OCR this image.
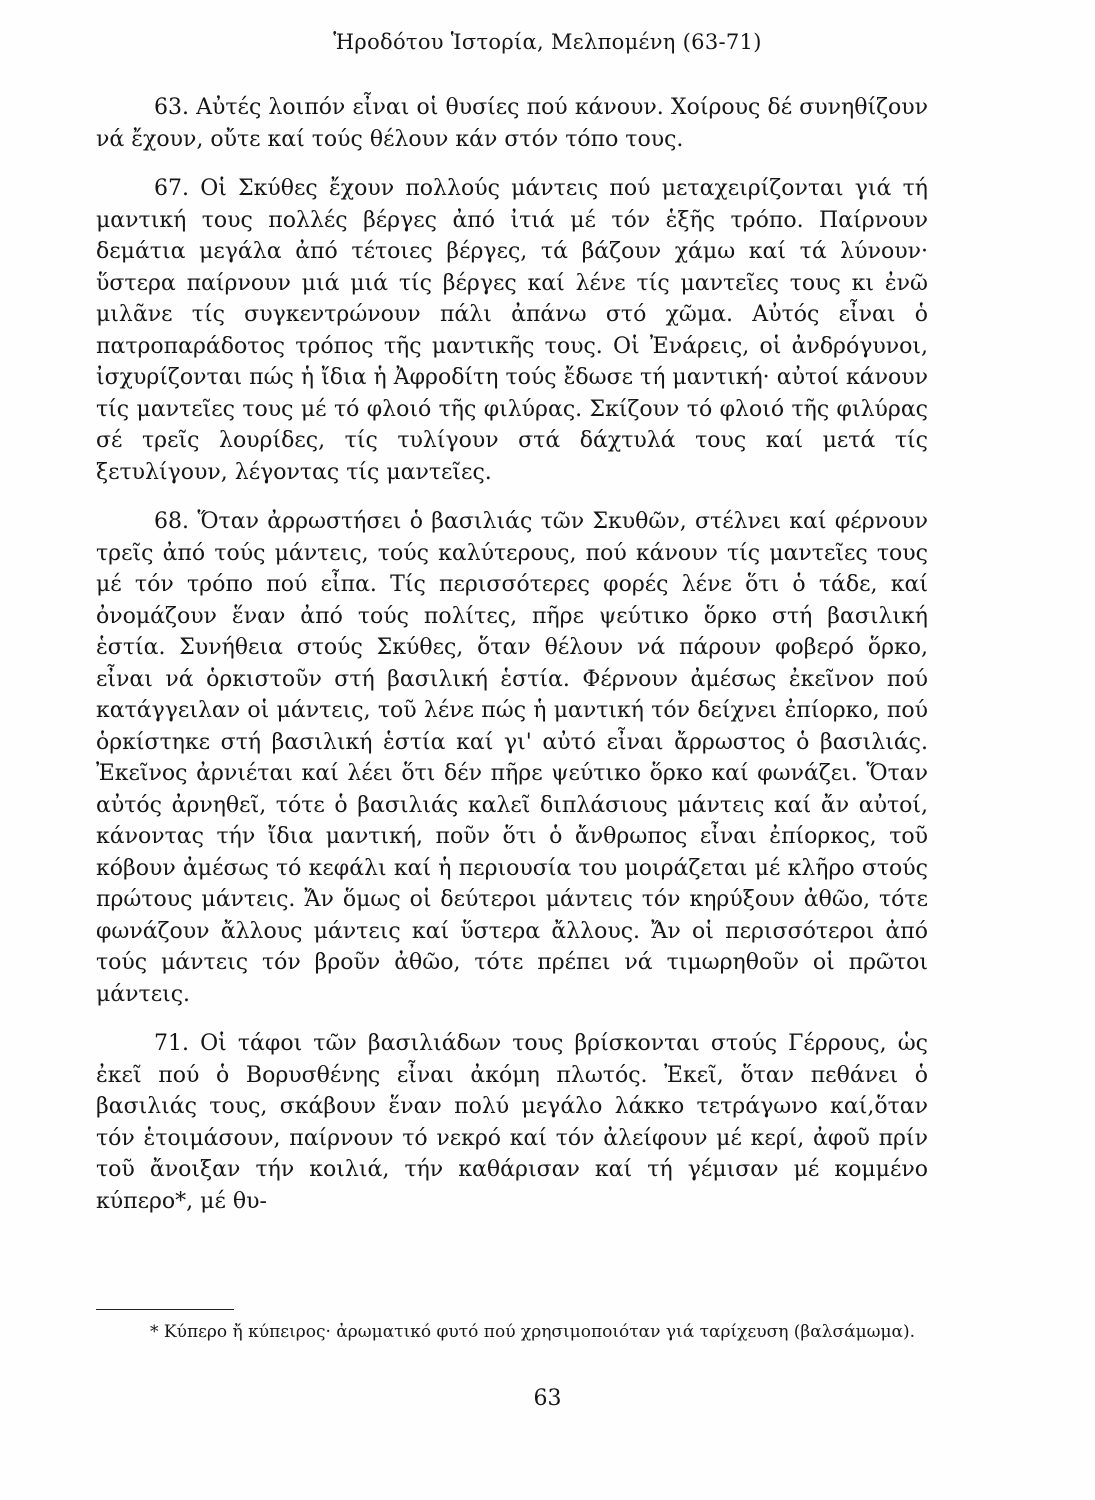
Ἡροδότου Ἱστορία, Μελπομένη (63-71)

63. Αὐτές λοιπόν εἶναι οἱ θυσίες πού κάνουν. Χοίρους δέ συνηθίζουν νά ἔχουν, οὔτε καί τούς θέλουν κάν στόν τόπο τους.

67. Οἱ Σκύθες ἔχουν πολλούς μάντεις πού μεταχειρίζονται γιά τή μαντική τους πολλές βέργες ἀπό ἰτιά μέ τόν ἑξῆς τρόπο. Παίρνουν δεμάτια μεγάλα ἀπό τέτοιες βέργες, τά βάζουν χάμω καί τά λύνουν· ὕστερα παίρνουν μιά μιά τίς βέργες καί λένε τίς μαντεῖες τους κι ἐνῶ μιλᾶνε τίς συγκεντρώνουν πάλι ἀπάνω στό χῶμα. Αὐτός εἶναι ὁ πατροπαράδοτος τρόπος τῆς μαντικῆς τους. Οἱ Ἐνάρεις, οἱ ἀνδρόγυνοι, ἰσχυρίζονται πώς ἡ ἴδια ἡ Ἀφροδίτη τούς ἔδωσε τή μαντική· αὐτοί κάνουν τίς μαντεῖες τους μέ τό φλοιό τῆς φιλύρας. Σκίζουν τό φλοιό τῆς φιλύρας σέ τρεῖς λουρίδες, τίς τυλίγουν στά δάχτυλά τους καί μετά τίς ξετυλίγουν, λέγοντας τίς μαντεῖες.

68. Ὅταν ἀρρωστήσει ὁ βασιλιάς τῶν Σκυθῶν, στέλνει καί φέρνουν τρεῖς ἀπό τούς μάντεις, τούς καλύτερους, πού κάνουν τίς μαντεῖες τους μέ τόν τρόπο πού εἶπα. Τίς περισσότερες φορές λένε ὅτι ὁ τάδε, καί ὀνομάζουν ἕναν ἀπό τούς πολίτες, πῆρε ψεύτικο ὅρκο στή βασιλική ἑστία. Συνήθεια στούς Σκύθες, ὅταν θέλουν νά πάρουν φοβερό ὅρκο, εἶναι νά ὁρκιστοῦν στή βασιλική ἑστία. Φέρνουν ἀμέσως ἐκεῖνον πού κατάγγειλαν οἱ μάντεις, τοῦ λένε πώς ἡ μαντική τόν δείχνει ἐπίορκο, πού ὁρκίστηκε στή βασιλική ἑστία καί γι' αὐτό εἶναι ἄρρωστος ὁ βασιλιάς. Ἐκεῖνος ἀρνιέται καί λέει ὅτι δέν πῆρε ψεύτικο ὅρκο καί φωνάζει. Ὅταν αὐτός ἀρνηθεῖ, τότε ὁ βασιλιάς καλεῖ διπλάσιους μάντεις καί ἄν αὐτοί, κάνοντας τήν ἴδια μαντική, ποῦν ὅτι ὁ ἄνθρωπος εἶναι ἐπίορκος, τοῦ κόβουν ἀμέσως τό κεφάλι καί ἡ περιουσία του μοιράζεται μέ κλῆρο στούς πρώτους μάντεις. Ἄν ὅμως οἱ δεύτεροι μάντεις τόν κηρύξουν ἀθῶο, τότε φωνάζουν ἄλλους μάντεις καί ὕστερα ἄλλους. Ἄν οἱ περισσότεροι ἀπό τούς μάντεις τόν βροῦν ἀθῶο, τότε πρέπει νά τιμωρηθοῦν οἱ πρῶτοι μάντεις.

71. Οἱ τάφοι τῶν βασιλιάδων τους βρίσκονται στούς Γέρρους, ὡς ἐκεῖ πού ὁ Βορυσθένης εἶναι ἀκόμη πλωτός. Ἐκεῖ, ὅταν πεθάνει ὁ βασιλιάς τους, σκάβουν ἕναν πολύ μεγάλο λάκκο τετράγωνο καί,ὅταν τόν ἑτοιμάσουν, παίρνουν τό νεκρό καί τόν ἀλείφουν μέ κερί, ἀφοῦ πρίν τοῦ ἄνοιξαν τήν κοιλιά, τήν καθάρισαν καί τή γέμισαν μέ κομμένο κύπερο*, μέ θυ-

* Κύπερο ἤ κύπειρος· ἀρωματικό φυτό πού χρησιμοποιόταν γιά ταρίχευση (βαλσάμωμα).

63
